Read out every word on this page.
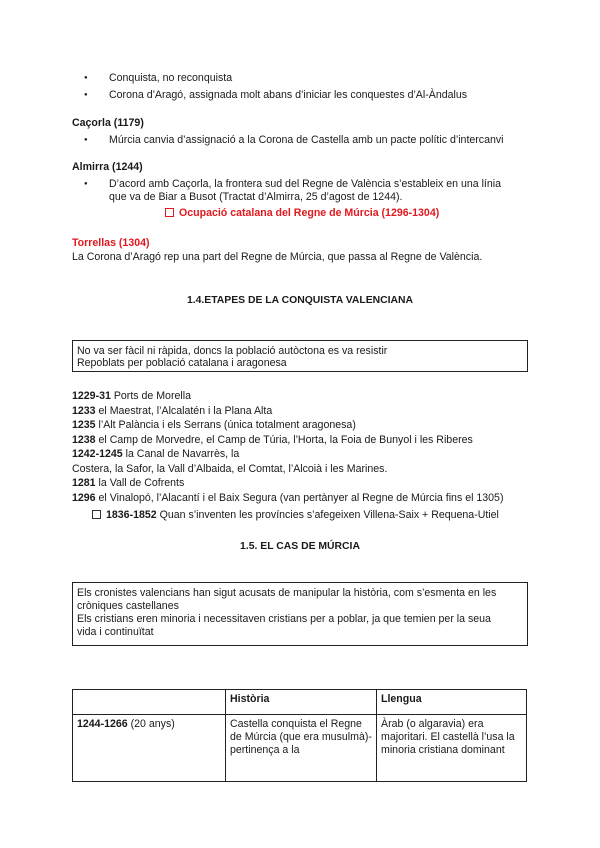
Conquista, no reconquista
Corona d’Aragó, assignada molt abans d’iniciar les conquestes d’Al-Àndalus
Caçorla (1179)
Múrcia canvia d’assignació a la Corona de Castella amb un pacte polític d’intercanvi
Almirra (1244)
D’acord amb Caçorla, la frontera sud del Regne de València s’estableix en una línia
que va de Biar a Busot (Tractat d’Almirra, 25 d’agost de 1244).
Ocupació catalana del Regne de Múrcia (1296-1304)
Torrellas (1304)
La Corona d’Aragó rep una part del Regne de Múrcia, que passa al Regne de València.
1.4.ETAPES DE LA CONQUISTA VALENCIANA
No va ser fàcil ni ràpida, doncs la població autòctona es va resistir
Repoblats per població catalana i aragonesa
1229-31 Ports de Morella
1233 el Maestrat, l’Alcalatén i la Plana Alta
1235 l’Alt Palància i els Serrans (única totalment aragonesa)
1238 el Camp de Morvedre, el Camp de Túria, l’Horta, la Foia de Bunyol i les Riberes
1242-1245 la Canal de Navarrès, la
Costera, la Safor, la Vall d’Albaida, el Comtat, l’Alcoià i les Marines.
1281 la Vall de Cofrents
1296 el Vinalopó, l’Alacantí i el Baix Segura (van pertànyer al Regne de Múrcia fins el 1305)
1836-1852 Quan s’inventen les províncies s’afegeixen Villena-Saix + Requena-Utiel
1.5. EL CAS DE MÚRCIA
Els cronistes valencians han sigut acusats de manipular la història, com s’esmenta en les
cròniques castellanes
Els cristians eren minoria i necessitaven cristians per a poblar, ja que temien per la seua
vida i continuïtat
	Història	Llengua
1244-1266 (20 anys)	Castella conquista el Regne de Múrcia (que era musulmà)-pertinença a la	Àrab (o algaravia) era majoritari. El castellà l’usa la minoria cristiana dominant
